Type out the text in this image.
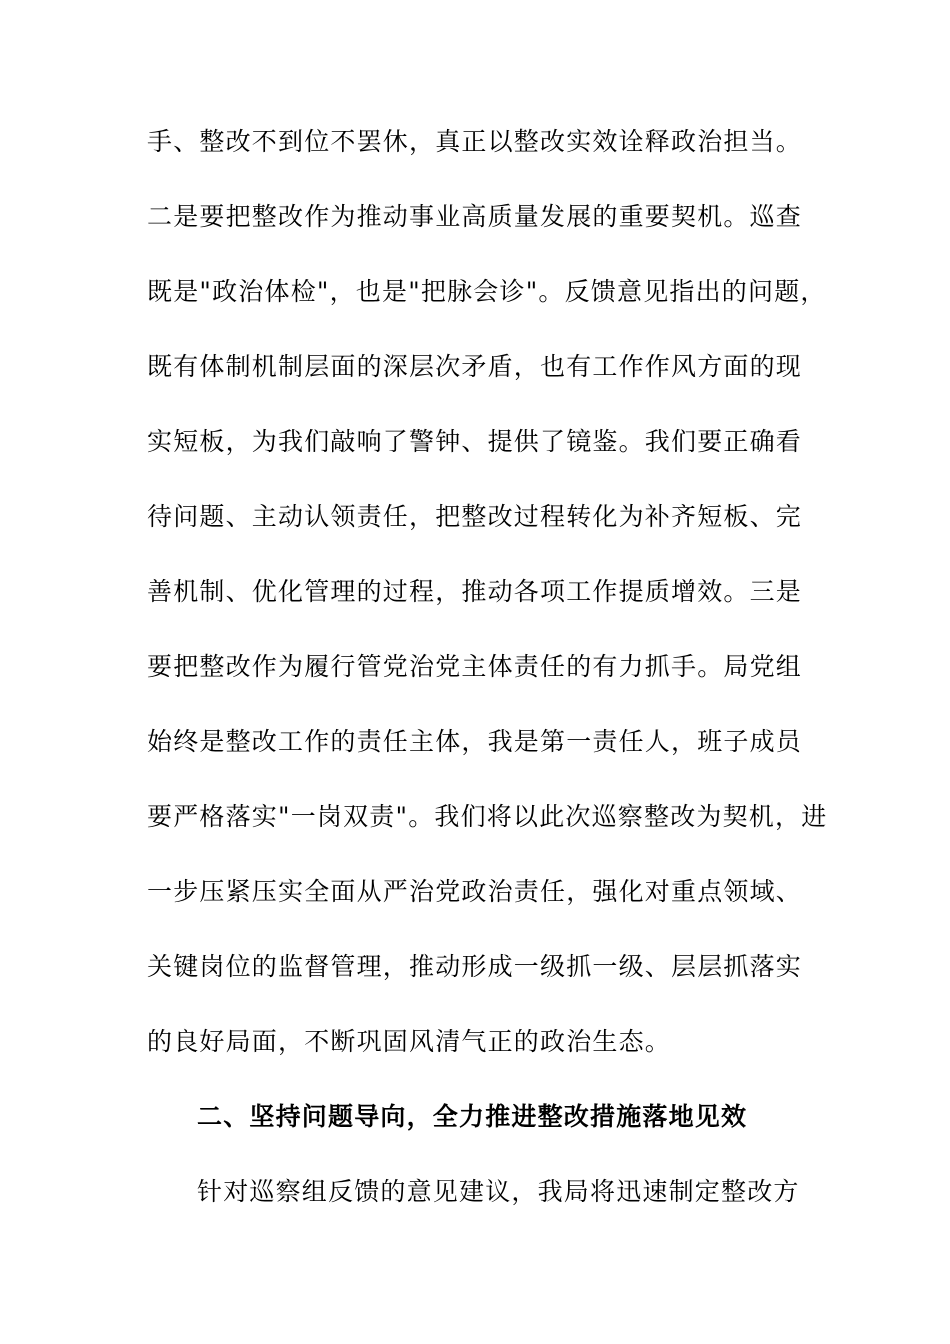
手、整改不到位不罢休，真正以整改实效诠释政治担当。
二是要把整改作为推动事业高质量发展的重要契机。巡查
既是"政治体检"，也是"把脉会诊"。反馈意见指出的问题，
既有体制机制层面的深层次矛盾，也有工作作风方面的现
实短板，为我们敲响了警钟、提供了镜鉴。我们要正确看
待问题、主动认领责任，把整改过程转化为补齐短板、完
善机制、优化管理的过程，推动各项工作提质增效。三是
要把整改作为履行管党治党主体责任的有力抓手。局党组
始终是整改工作的责任主体，我是第一责任人，班子成员
要严格落实"一岗双责"。我们将以此次巡察整改为契机，进
一步压紧压实全面从严治党政治责任，强化对重点领域、
关键岗位的监督管理，推动形成一级抓一级、层层抓落实
的良好局面，不断巩固风清气正的政治生态。
二、坚持问题导向，全力推进整改措施落地见效
针对巡察组反馈的意见建议，我局将迅速制定整改方
